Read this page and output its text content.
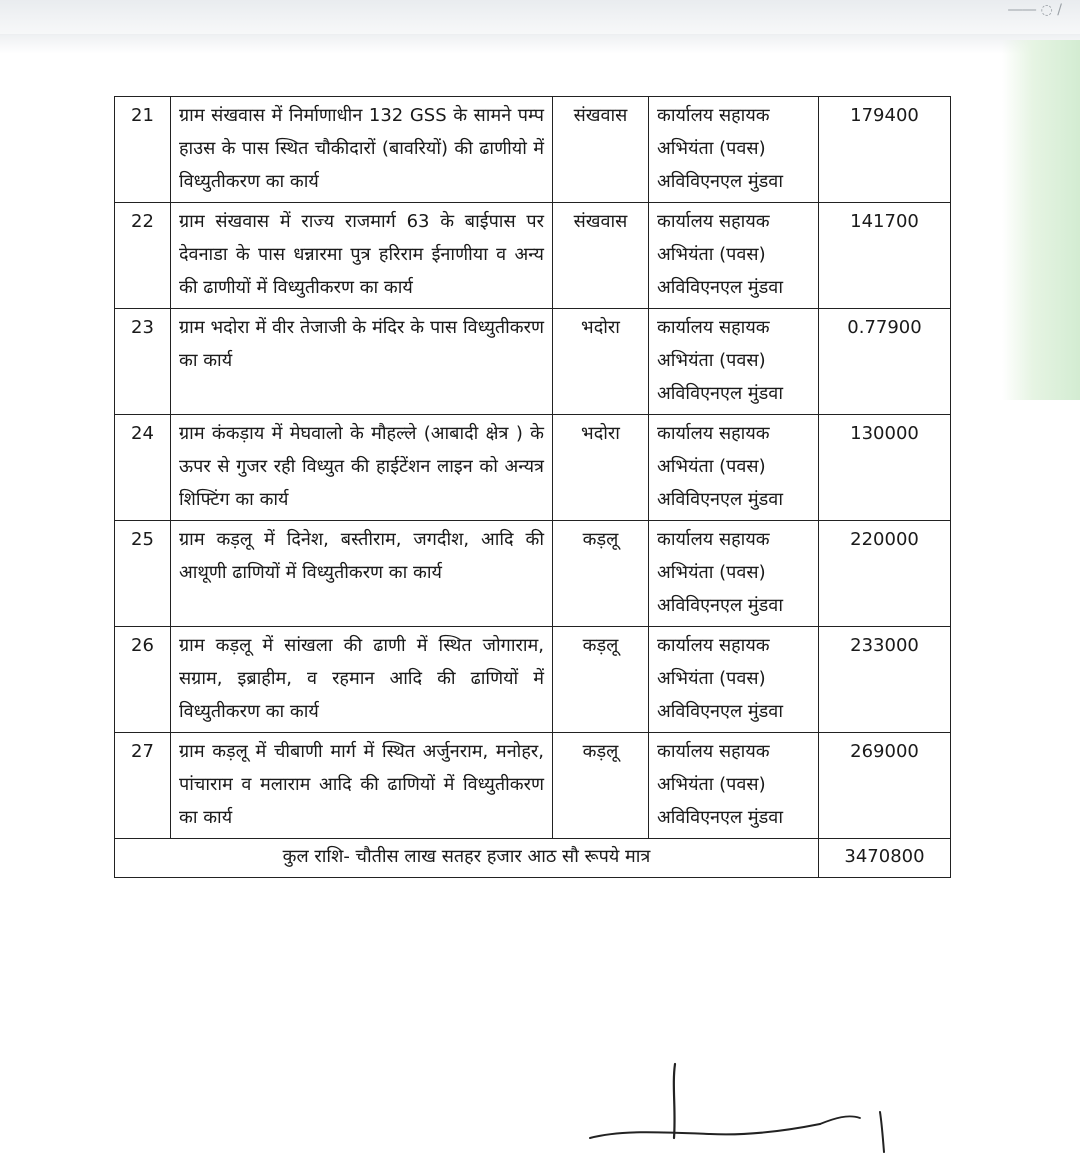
―― ◌ /
21	ग्राम संखवास में निर्माणाधीन 132 GSS के सामने पम्प हाउस के पास स्थित चौकीदारों (बावरियों) की ढाणीयो में विध्युतीकरण का कार्य	संखवास	कार्यालय सहायक अभियंता (पवस) अविविएनएल मुंडवा	179400
22	ग्राम संखवास में राज्य राजमार्ग 63 के बाईपास पर देवनाडा के पास धन्नारमा पुत्र हरिराम ईनाणीया व अन्य की ढाणीयों में विध्युतीकरण का कार्य	संखवास	कार्यालय सहायक अभियंता (पवस) अविविएनएल मुंडवा	141700
23	ग्राम भदोरा में वीर तेजाजी के मंदिर के पास विध्युतीकरण का कार्य	भदोरा	कार्यालय सहायक अभियंता (पवस) अविविएनएल मुंडवा	0.77900
24	ग्राम कंकड़ाय में मेघवालो के मौहल्ले (आबादी क्षेत्र ) के ऊपर से गुजर रही विध्युत की हाईटेंशन लाइन को अन्यत्र शिफ्टिंग का कार्य	भदोरा	कार्यालय सहायक अभियंता (पवस) अविविएनएल मुंडवा	130000
25	ग्राम कड़लू में दिनेश, बस्तीराम, जगदीश, आदि की आथूणी ढाणियों में विध्युतीकरण का कार्य	कड़लू	कार्यालय सहायक अभियंता (पवस) अविविएनएल मुंडवा	220000
26	ग्राम कड़लू में सांखला की ढाणी में स्थित जोगाराम, सग्राम, इब्राहीम, व रहमान आदि की ढाणियों में विध्युतीकरण का कार्य	कड़लू	कार्यालय सहायक अभियंता (पवस) अविविएनएल मुंडवा	233000
27	ग्राम कड़लू में चीबाणी मार्ग में स्थित अर्जुनराम, मनोहर, पांचाराम व मलाराम आदि की ढाणियों में विध्युतीकरण का कार्य	कड़लू	कार्यालय सहायक अभियंता (पवस) अविविएनएल मुंडवा	269000
कुल राशि- चौतीस लाख सतहर हजार आठ सौ रूपये मात्र				3470800
